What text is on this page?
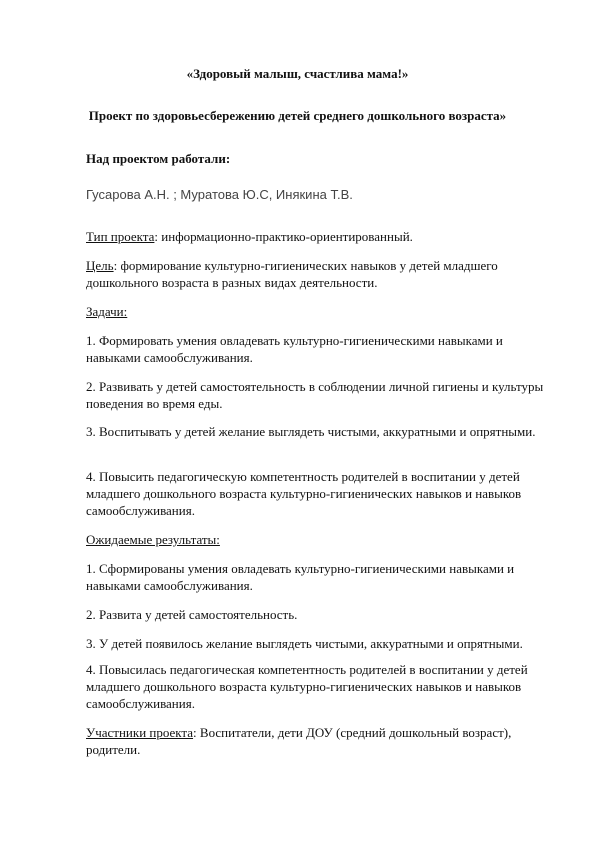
«Здоровый малыш, счастлива мама!»
Проект по здоровьесбережению детей среднего дошкольного возраста»
Над проектом работали:
Гусарова А.Н. ; Муратова Ю.С, Инякина Т.В.
Тип проекта: информационно-практико-ориентированный.
Цель: формирование культурно-гигиенических навыков у детей младшего дошкольного возраста в разных видах деятельности.
Задачи:
1. Формировать умения овладевать культурно-гигиеническими навыками и навыками самообслуживания.
2. Развивать у детей самостоятельность в соблюдении личной гигиены и культуры поведения во время еды.
3. Воспитывать у детей желание выглядеть чистыми, аккуратными и опрятными.
4. Повысить педагогическую компетентность родителей в воспитании у детей младшего дошкольного возраста культурно-гигиенических навыков и навыков самообслуживания.
Ожидаемые результаты:
1. Сформированы умения овладевать культурно-гигиеническими навыками и навыками самообслуживания.
2. Развита у детей самостоятельность.
3. У детей появилось желание выглядеть чистыми, аккуратными и опрятными.
4. Повысилась педагогическая компетентность родителей в воспитании у детей младшего дошкольного возраста культурно-гигиенических навыков и навыков самообслуживания.
Участники проекта: Воспитатели, дети ДОУ (средний дошкольный возраст), родители.
